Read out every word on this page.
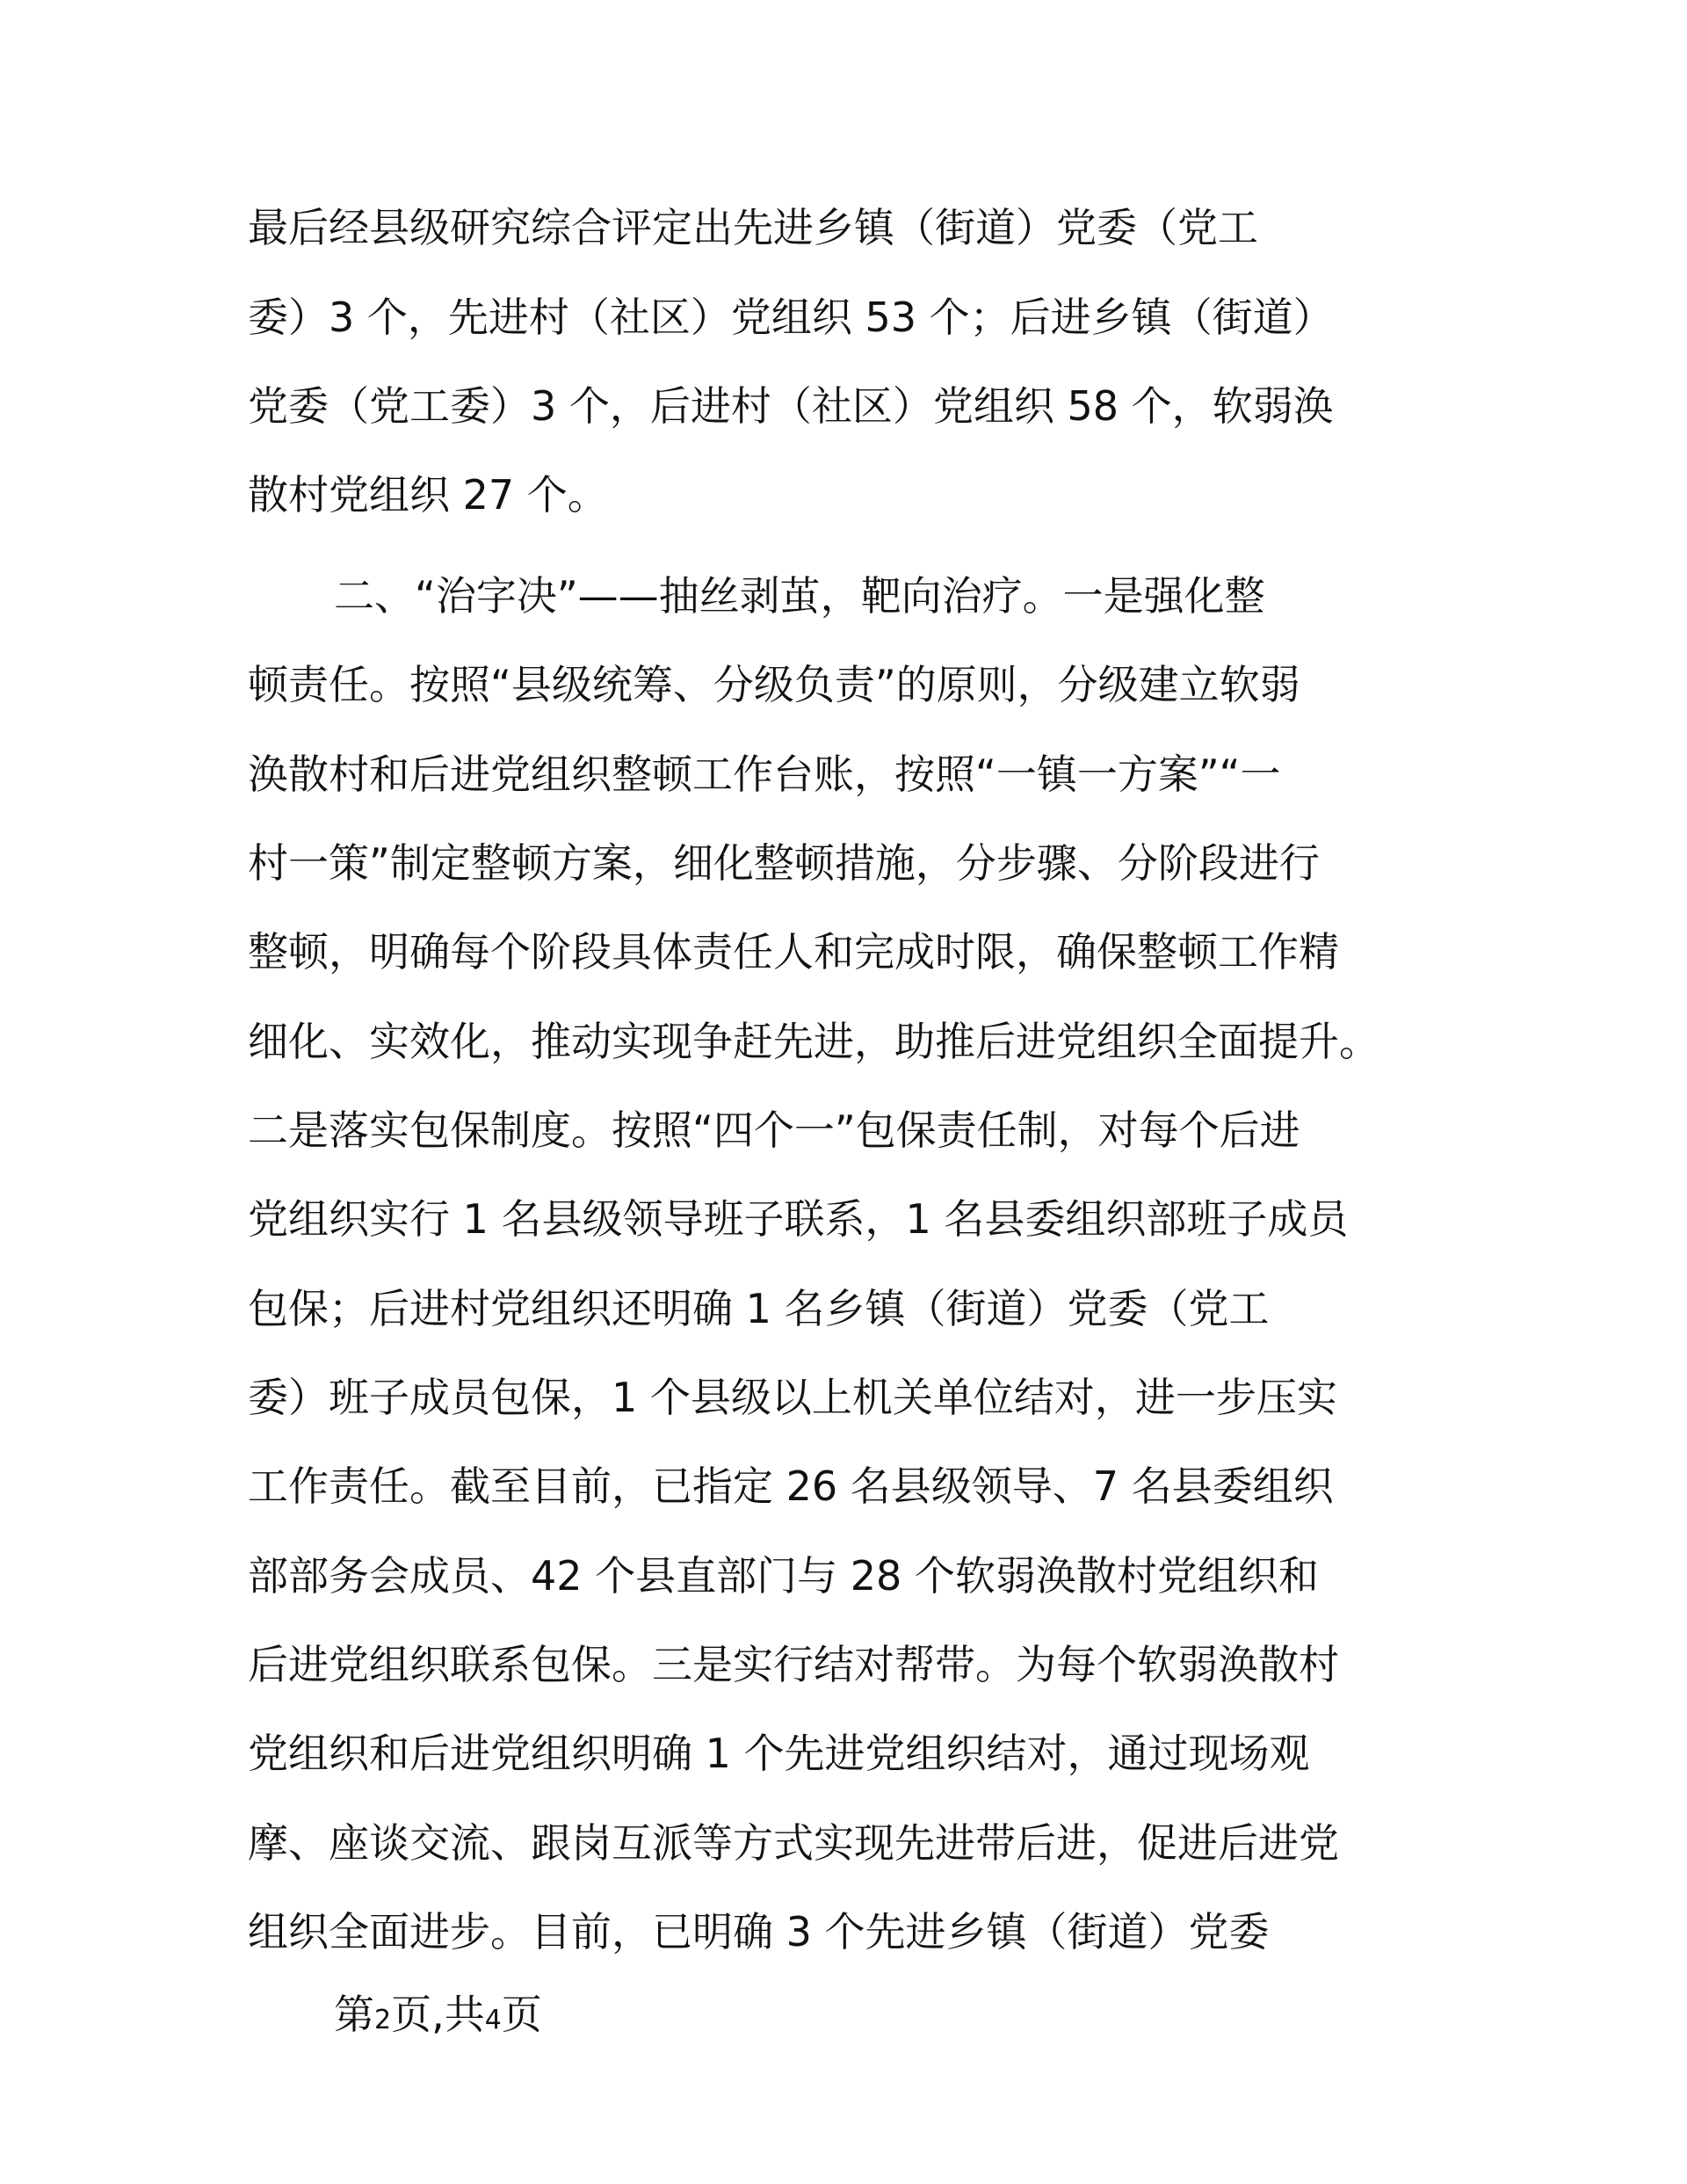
最后经县级研究综合评定出先进乡镇（街道）党委（党工
委）3 个，先进村（社区）党组织 53 个；后进乡镇（街道）
党委（党工委）3 个，后进村（社区）党组织 58 个，软弱涣
散村党组织 27 个。
二、“治字决”——抽丝剥茧，靶向治疗。一是强化整
顿责任。按照“县级统筹、分级负责”的原则，分级建立软弱
涣散村和后进党组织整顿工作台账，按照“一镇一方案”“一
村一策”制定整顿方案，细化整顿措施，分步骤、分阶段进行
整顿，明确每个阶段具体责任人和完成时限，确保整顿工作精
细化、实效化，推动实现争赶先进，助推后进党组织全面提升。
二是落实包保制度。按照“四个一”包保责任制，对每个后进
党组织实行 1 名县级领导班子联系，1 名县委组织部班子成员
包保；后进村党组织还明确 1 名乡镇（街道）党委（党工
委）班子成员包保，1 个县级以上机关单位结对，进一步压实
工作责任。截至目前，已指定 26 名县级领导、7 名县委组织
部部务会成员、42 个县直部门与 28 个软弱涣散村党组织和
后进党组织联系包保。三是实行结对帮带。为每个软弱涣散村
党组织和后进党组织明确 1 个先进党组织结对，通过现场观
摩、座谈交流、跟岗互派等方式实现先进带后进，促进后进党
组织全面进步。目前，已明确 3 个先进乡镇（街道）党委
第2页,共4页
